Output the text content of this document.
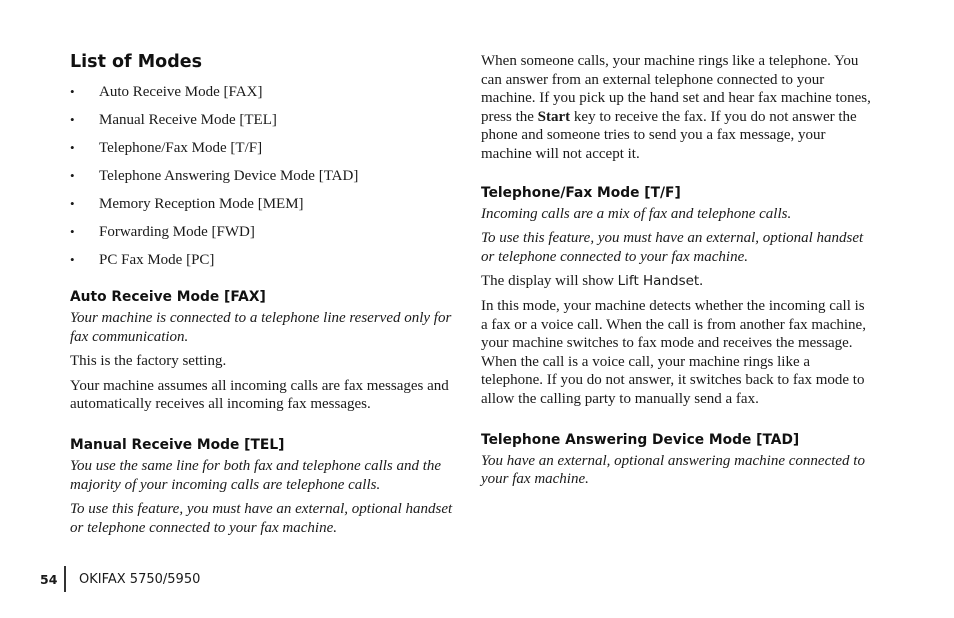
List of Modes
• Auto Receive Mode [FAX]
• Manual Receive Mode [TEL]
• Telephone/Fax Mode [T/F]
• Telephone Answering Device Mode [TAD]
• Memory Reception Mode [MEM]
• Forwarding Mode [FWD]
• PC Fax Mode [PC]
Auto Receive Mode [FAX]

Your machine is connected to a telephone line reserved only for fax communication.

This is the factory setting.

Your machine assumes all incoming calls are fax messages and automatically receives all incoming fax messages.

Manual Receive Mode [TEL]

You use the same line for both fax and telephone calls and the majority of your incoming calls are telephone calls.

To use this feature, you must have an external, optional handset or telephone connected to your fax machine.

When someone calls, your machine rings like a telephone. You can answer from an external telephone connected to your machine. If you pick up the hand set and hear fax machine tones, press the Start key to receive the fax. If you do not answer the phone and someone tries to send you a fax message, your machine will not accept it.

Telephone/Fax Mode [T/F]

Incoming calls are a mix of fax and telephone calls.

To use this feature, you must have an external, optional handset or telephone connected to your fax machine.

The display will show Lift Handset.

In this mode, your machine detects whether the incoming call is a fax or a voice call. When the call is from another fax machine, your machine switches to fax mode and receives the message. When the call is a voice call, your machine rings like a telephone. If you do not answer, it switches back to fax mode to allow the calling party to manually send a fax.

Telephone Answering Device Mode [TAD]

You have an external, optional answering machine connected to your fax machine.

54	OKIFAX 5750/5950
